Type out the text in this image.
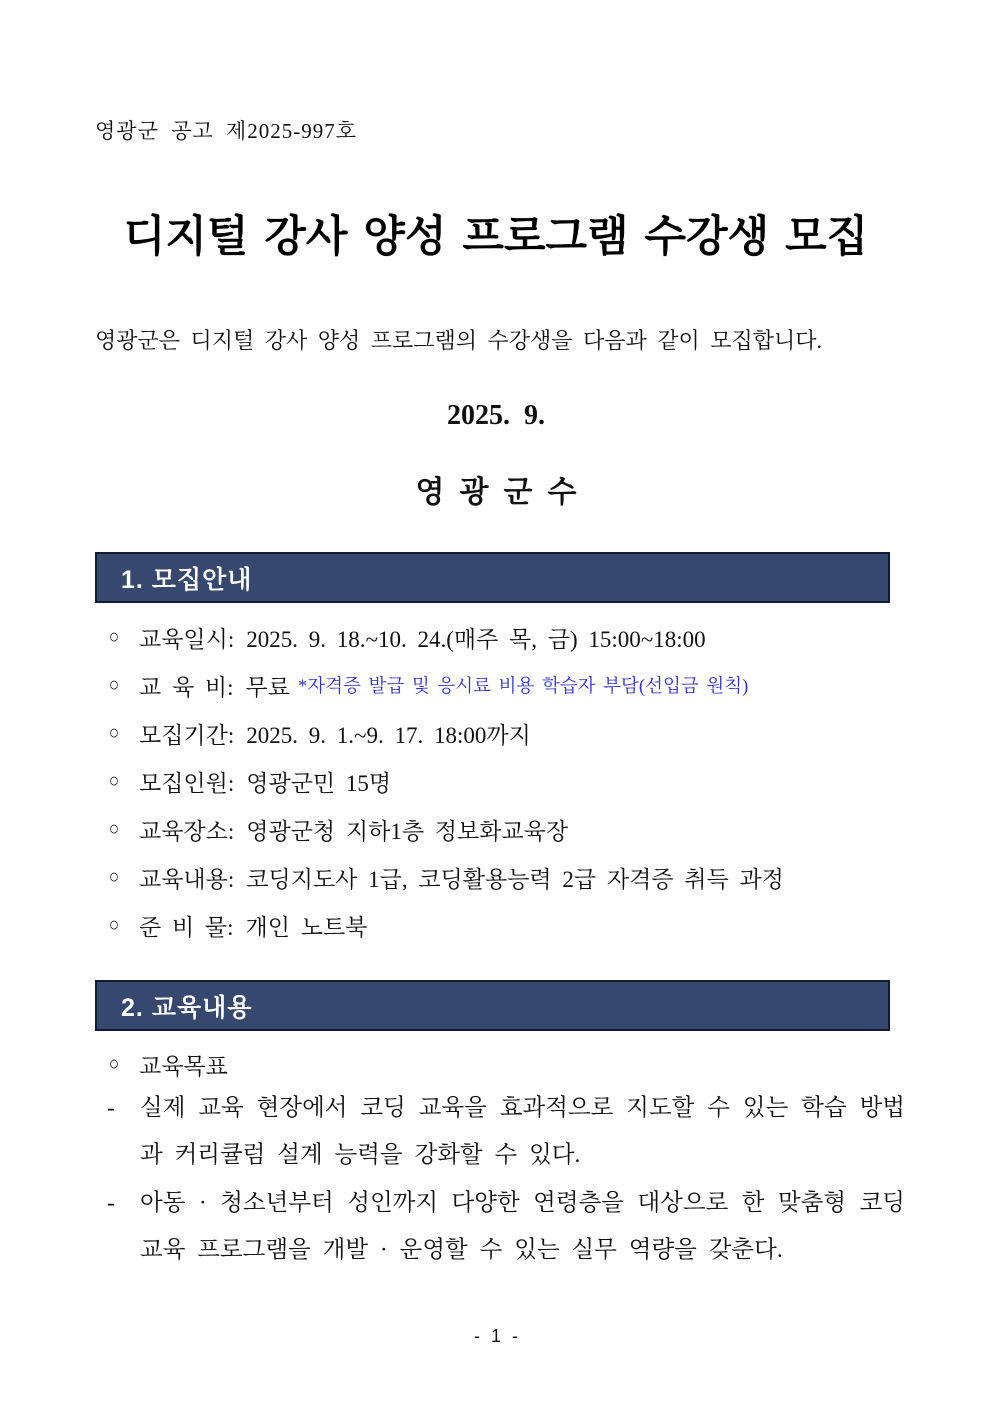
영광군 공고 제2025-997호
디지털 강사 양성 프로그램 수강생 모집
영광군은 디지털 강사 양성 프로그램의 수강생을 다음과 같이 모집합니다.
2025.  9.
영  광  군  수
1. 모집안내
○ 교육일시: 2025. 9. 18.~10. 24.(매주 목, 금) 15:00~18:00
○ 교 육 비: 무료 *자격증 발급 및 응시료 비용 학습자 부담(선입금 원칙)
○ 모집기간: 2025. 9. 1.~9. 17. 18:00까지
○ 모집인원: 영광군민 15명
○ 교육장소: 영광군청 지하1층 정보화교육장
○ 교육내용: 코딩지도사 1급, 코딩활용능력 2급 자격증 취득 과정
○ 준 비 물: 개인 노트북
2. 교육내용
○ 교육목표
-	실제 교육 현장에서 코딩 교육을 효과적으로 지도할 수 있는 학습 방법과 커리큘럼 설계 능력을 강화할 수 있다.
-	아동 · 청소년부터 성인까지 다양한 연령층을 대상으로 한 맞춤형 코딩 교육 프로그램을 개발 · 운영할 수 있는 실무 역량을 갖춘다.
- 1 -
